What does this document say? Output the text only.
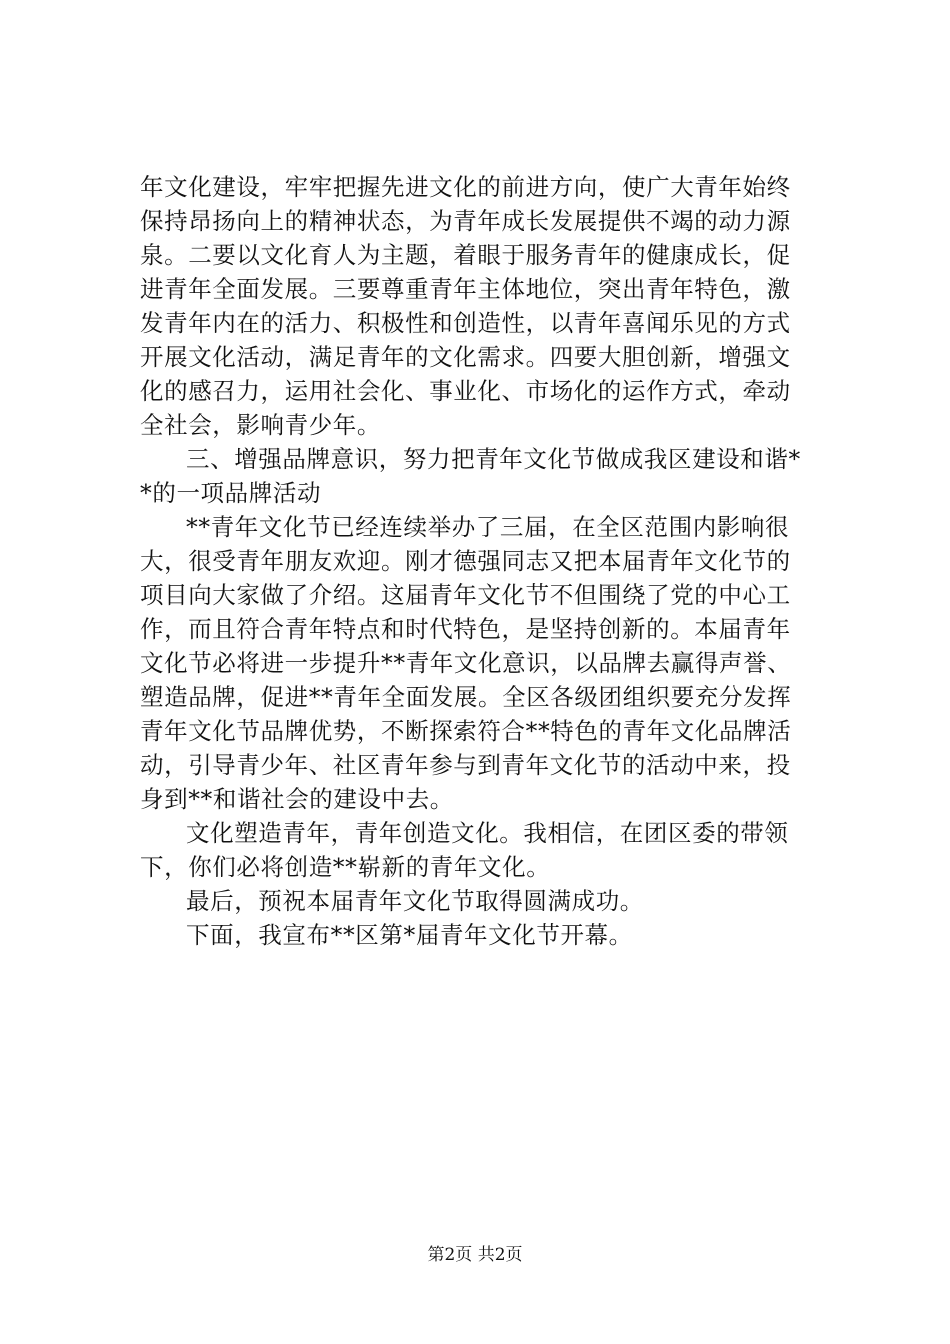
年文化建设，牢牢把握先进文化的前进方向，使广大青年始终
保持昂扬向上的精神状态，为青年成长发展提供不竭的动力源
泉。二要以文化育人为主题，着眼于服务青年的健康成长，促
进青年全面发展。三要尊重青年主体地位，突出青年特色，激
发青年内在的活力、积极性和创造性，以青年喜闻乐见的方式
开展文化活动，满足青年的文化需求。四要大胆创新，增强文
化的感召力，运用社会化、事业化、市场化的运作方式，牵动
全社会，影响青少年。
三、增强品牌意识，努力把青年文化节做成我区建设和谐*
*的一项品牌活动
**青年文化节已经连续举办了三届，在全区范围内影响很
大，很受青年朋友欢迎。刚才德强同志又把本届青年文化节的
项目向大家做了介绍。这届青年文化节不但围绕了党的中心工
作，而且符合青年特点和时代特色，是坚持创新的。本届青年
文化节必将进一步提升**青年文化意识，以品牌去赢得声誉、
塑造品牌，促进**青年全面发展。全区各级团组织要充分发挥
青年文化节品牌优势，不断探索符合**特色的青年文化品牌活
动，引导青少年、社区青年参与到青年文化节的活动中来，投
身到**和谐社会的建设中去。
文化塑造青年，青年创造文化。我相信，在团区委的带领
下，你们必将创造**崭新的青年文化。
最后，预祝本届青年文化节取得圆满成功。
下面，我宣布**区第*届青年文化节开幕。
第2页 共2页
